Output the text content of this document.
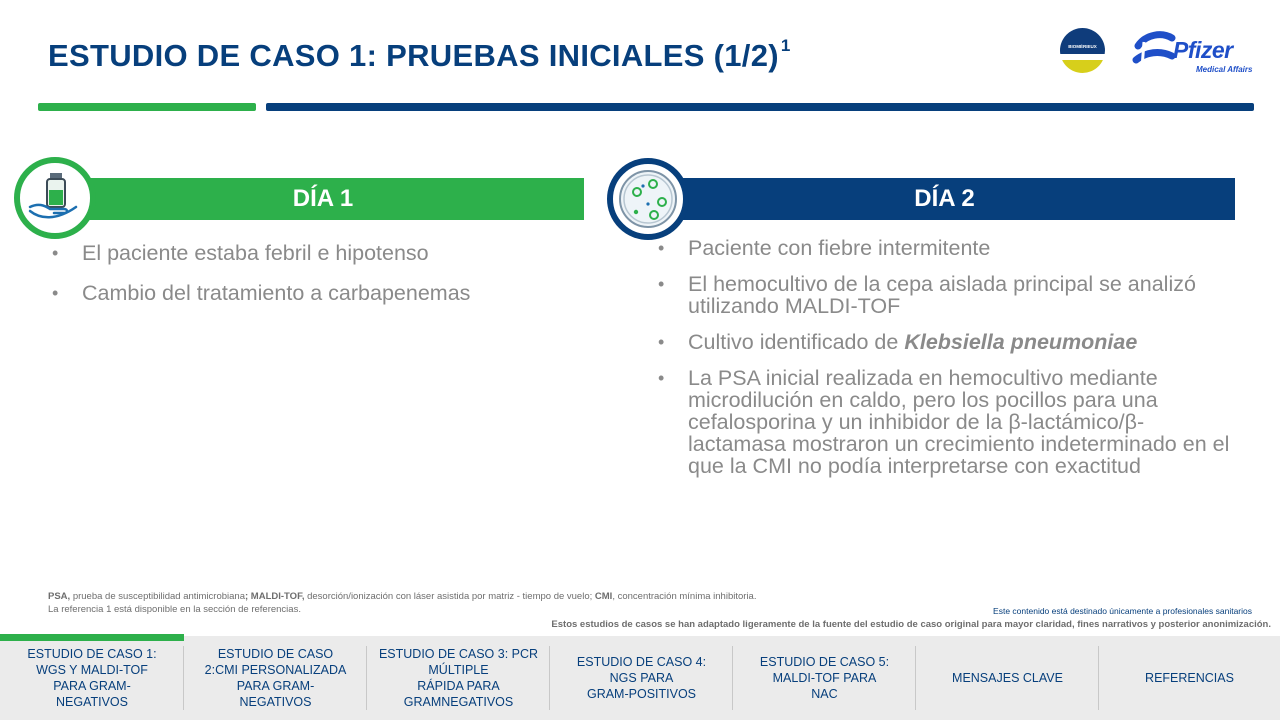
ESTUDIO DE CASO 1: PRUEBAS INICIALES (1/2) $^1$	BIOMÉRIEUX	Pfizer
Medical Affairs
DÍA 1
• El paciente estaba febril e hipotenso
• Cambio del tratamiento a carbapenemas
DÍA 2
• Paciente con fiebre intermitente
• El hemocultivo de la cepa aislada principal se analizó utilizando MALDI-TOF
• Cultivo identificado de Klebsiella pneumoniae
• La PSA inicial realizada en hemocultivo mediante microdilución en caldo, pero los pocillos para una cefalosporina y un inhibidor de la β-lactámico/β-lactamasa mostraron un crecimiento indeterminado en el que la CMI no podía interpretarse con exactitud
PSA, prueba de susceptibilidad antimicrobiana; MALDI-TOF, desorción/ionización con láser asistida por matriz - tiempo de vuelo; CMI, concentración mínima inhibitoria.
La referencia 1 está disponible en la sección de referencias.	Este contenido está destinado únicamente a profesionales sanitarios
Estos estudios de casos se han adaptado ligeramente de la fuente del estudio de caso original para mayor claridad, fines narrativos y posterior anonimización.
ESTUDIO DE CASO 1:
WGS Y MALDI-TOF
PARA GRAM-
NEGATIVOS
ESTUDIO DE CASO
2:CMI PERSONALIZADA
PARA GRAM-
NEGATIVOS
ESTUDIO DE CASO 3: PCR
MÚLTIPLE
RÁPIDA PARA
GRAMNEGATIVOS
ESTUDIO DE CASO 4:
NGS PARA
GRAM-POSITIVOS
ESTUDIO DE CASO 5:
MALDI-TOF PARA
NAC
MENSAJES CLAVE	REFERENCIAS
